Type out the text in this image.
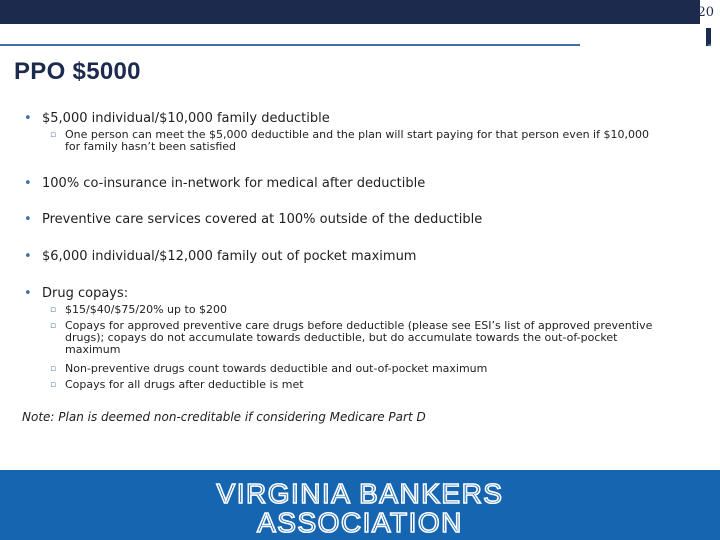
20
PPO $5000
• $5,000 individual/$10,000 family deductible
▫ One person can meet the $5,000 deductible and the plan will start paying for that person even if $10,000 for family hasn’t been satisfied
• 100% co-insurance in-network for medical after deductible
• Preventive care services covered at 100% outside of the deductible
• $6,000 individual/$12,000 family out of pocket maximum
• Drug copays:
▫ $15/$40/$75/20% up to $200
▫ Copays for approved preventive care drugs before deductible (please see ESI’s list of approved preventive drugs); copays do not accumulate towards deductible, but do accumulate towards the out-of-pocket maximum
▫ Non-preventive drugs count towards deductible and out-of-pocket maximum
▫ Copays for all drugs after deductible is met
Note: Plan is deemed non-creditable if considering Medicare Part D
VIRGINIA BANKERS
ASSOCIATION
